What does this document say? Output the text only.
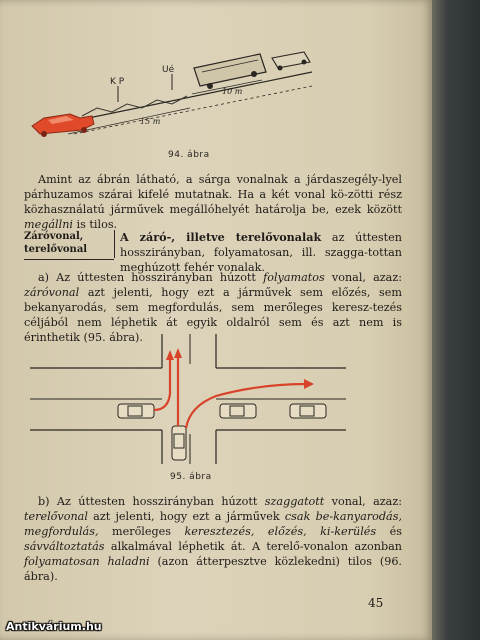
K P
Ué
10 m
15 m
94. ábra
Amint az ábrán látható, a sárga vonalnak a járdaszegély-lyel párhuzamos szárai kifelé mutatnak. Ha a két vonal kö-zötti rész közhasználatú járművek megállóhelyét határolja be, ezek között megállni is tilos.
Záróvonal,
terelővonal
A záró-, illetve terelővonalak az úttesten hosszirányban, folyamatosan, ill. szagga-tottan meghúzott fehér vonalak.
a) Az úttesten hosszirányban húzott folyamatos vonal, azaz: záróvonal azt jelenti, hogy ezt a járművek sem előzés, sem bekanyarodás, sem megfordulás, sem merőleges keresz-tezés céljából nem léphetik át egyik oldalról sem és azt nem is érinthetik (95. ábra).
95. ábra
b) Az úttesten hosszirányban húzott szaggatott vonal, azaz: terelővonal azt jelenti, hogy ezt a járművek csak be-kanyarodás, megfordulás, merőleges keresztezés, előzés, ki-kerülés és sávváltoztatás alkalmával léphetik át. A terelő-vonalon azonban folyamatosan haladni (azon átterpesztve közlekedni) tilos (96. ábra).
45
Antikvárium.hu
